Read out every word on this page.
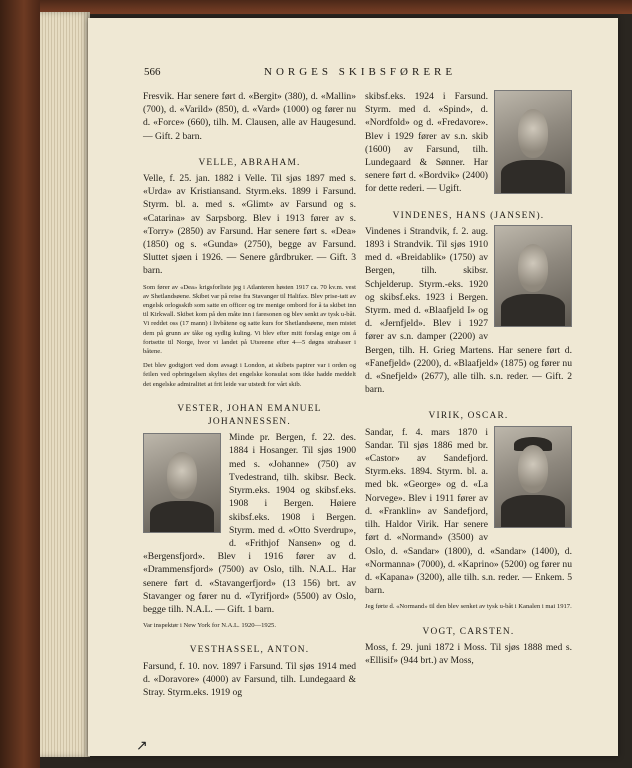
566	NORGES SKIBSFØRERE

Fresvik. Har senere ført d. «Bergit» (380), d. «Mallin» (700), d. «Varild» (850), d. «Vard» (1000) og fører nu d. «Force» (660), tilh. M. Clausen, alle av Haugesund. — Gift. 2 barn.

VELLE, ABRAHAM.

Velle, f. 25. jan. 1882 i Velle. Til sjøs 1897 med s. «Urda» av Kristiansand. Styrm.eks. 1899 i Farsund. Styrm. bl. a. med s. «Glimt» av Farsund og s. «Catarina» av Sarpsborg. Blev i 1913 fører av s. «Torry» (2850) av Farsund. Har senere ført s. «Dea» (1850) og s. «Gunda» (2750), begge av Farsund. Sluttet sjøen i 1926. — Senere gårdbruker. — Gift. 3 barn.

Som fører av «Dea» krigsforliste jeg i Atlanteren høsten 1917 ca. 70 kv.m. vest av Shetlandsøene. Skibet var på reise fra Stavanger til Halifax. Blev prise-tatt av engelsk orlogsskib som satte en officer og tre menige ombord for å ta skibet inn til Kirkwall. Skibet kom på den måte inn i faresonen og blev senkt av tysk u-båt. Vi reddet oss (17 mann) i livbåtene og satte kurs for Shetlandsøene, men mistet dem på grunn av tåke og sydlig kuling. Vi blev efter mitt forslag enige om å fortsette til Norge, hvor vi landet på Utsreene efter 4—5 døgns strabaser i båtene.

Det blev godtgjort ved dom avsagt i London, at skibets papirer var i orden og feilen ved opbringelsen skyltes det engelske konsulat som ikke hadde meddelt det engelske admiralitet at frit leide var utstedt for vårt skib.

VESTER, JOHAN EMANUEL JOHANNESSEN.

Minde pr. Bergen, f. 22. des. 1884 i Hosanger. Til sjøs 1900 med s. «Johanne» (750) av Tvedestrand, tilh. skibsr. Beck. Styrm.eks. 1904 og skibsf.eks. 1908 i Bergen. Høiere skibsf.eks. 1908 i Bergen. Styrm. med d. «Otto Sverdrup», d. «Frithjof Nansen» og d. «Bergensfjord». Blev i 1916 fører av d. «Drammensfjord» (7500) av Oslo, tilh. N.A.L. Har senere ført d. «Stavangerfjord» (13 156) brt. av Stavanger og fører nu d. «Tyrifjord» (5500) av Oslo, begge tilh. N.A.L. — Gift. 1 barn.

Var inspektør i New York for N.A.L. 1920—1925.

VESTHASSEL, ANTON.

Farsund, f. 10. nov. 1897 i Farsund. Til sjøs 1914 med d. «Doravore» (4000) av Farsund, tilh. Lundegaard & Stray. Styrm.eks. 1919 og

skibsf.eks. 1924 i Farsund. Styrm. med d. «Spind», d. «Nordfold» og d. «Fredavore». Blev i 1929 fører av s.n. skib (1600) av Farsund, tilh. Lundegaard & Sønner. Har senere ført d. «Bordvik» (2400) for dette rederi. — Ugift.

VINDENES, HANS (JANSEN).

Vindenes i Strandvik, f. 2. aug. 1893 i Strandvik. Til sjøs 1910 med d. «Breidablik» (1750) av Bergen, tilh. skibsr. Schjelderup. Styrm.-eks. 1920 og skibsf.eks. 1923 i Bergen. Styrm. med d. «Blaafjeld I» og d. «Jernfjeld». Blev i 1927 fører av s.n. damper (2200) av Bergen, tilh. H. Grieg Martens. Har senere ført d. «Fanefjeld» (2200), d. «Blaafjeld» (1875) og fører nu d. «Snefjeld» (2677), alle tilh. s.n. reder. — Gift. 2 barn.

VIRIK, OSCAR.

Sandar, f. 4. mars 1870 i Sandar. Til sjøs 1886 med br. «Castor» av Sandefjord. Styrm.eks. 1894. Styrm. bl. a. med bk. «George» og d. «La Norvege». Blev i 1911 fører av d. «Franklin» av Sandefjord, tilh. Haldor Virik. Har senere ført d. «Normand» (3500) av Oslo, d. «Sandar» (1800), d. «Sandar» (1400), d. «Normanna» (7000), d. «Kaprino» (5200) og fører nu d. «Kapana» (3200), alle tilh. s.n. reder. — Enkem. 5 barn.

Jeg førte d. «Normand» til den blev senket av tysk u-båt i Kanalen i mai 1917.

VOGT, CARSTEN.

Moss, f. 29. juni 1872 i Moss. Til sjøs 1888 med s. «Ellisif» (944 brt.) av Moss,

↗
